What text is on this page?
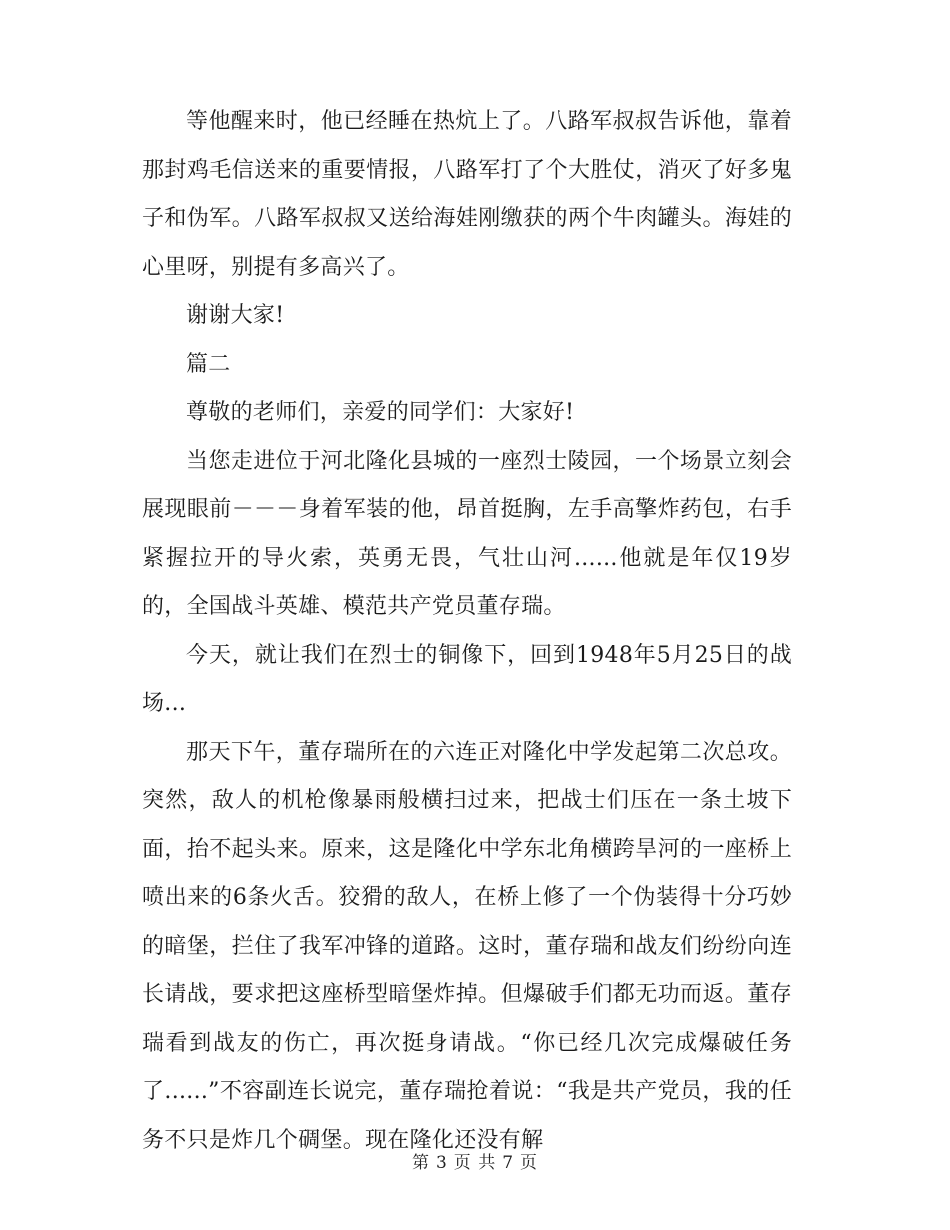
等他醒来时，他已经睡在热炕上了。八路军叔叔告诉他，靠着那封鸡毛信送来的重要情报，八路军打了个大胜仗，消灭了好多鬼子和伪军。八路军叔叔又送给海娃刚缴获的两个牛肉罐头。海娃的心里呀，别提有多高兴了。

谢谢大家!

篇二

尊敬的老师们，亲爱的同学们：大家好!

当您走进位于河北隆化县城的一座烈士陵园，一个场景立刻会展现眼前－－－身着军装的他，昂首挺胸，左手高擎炸药包，右手紧握拉开的导火索，英勇无畏，气壮山河......他就是年仅19岁的，全国战斗英雄、模范共产党员董存瑞。

今天，就让我们在烈士的铜像下，回到1948年5月25日的战场...

那天下午，董存瑞所在的六连正对隆化中学发起第二次总攻。突然，敌人的机枪像暴雨般横扫过来，把战士们压在一条土坡下面，抬不起头来。原来，这是隆化中学东北角横跨旱河的一座桥上喷出来的6条火舌。狡猾的敌人，在桥上修了一个伪装得十分巧妙的暗堡，拦住了我军冲锋的道路。这时，董存瑞和战友们纷纷向连长请战，要求把这座桥型暗堡炸掉。但爆破手们都无功而返。董存瑞看到战友的伤亡，再次挺身请战。“你已经几次完成爆破任务了......”不容副连长说完，董存瑞抢着说：“我是共产党员，我的任务不只是炸几个碉堡。现在隆化还没有解

第 3 页 共 7 页
